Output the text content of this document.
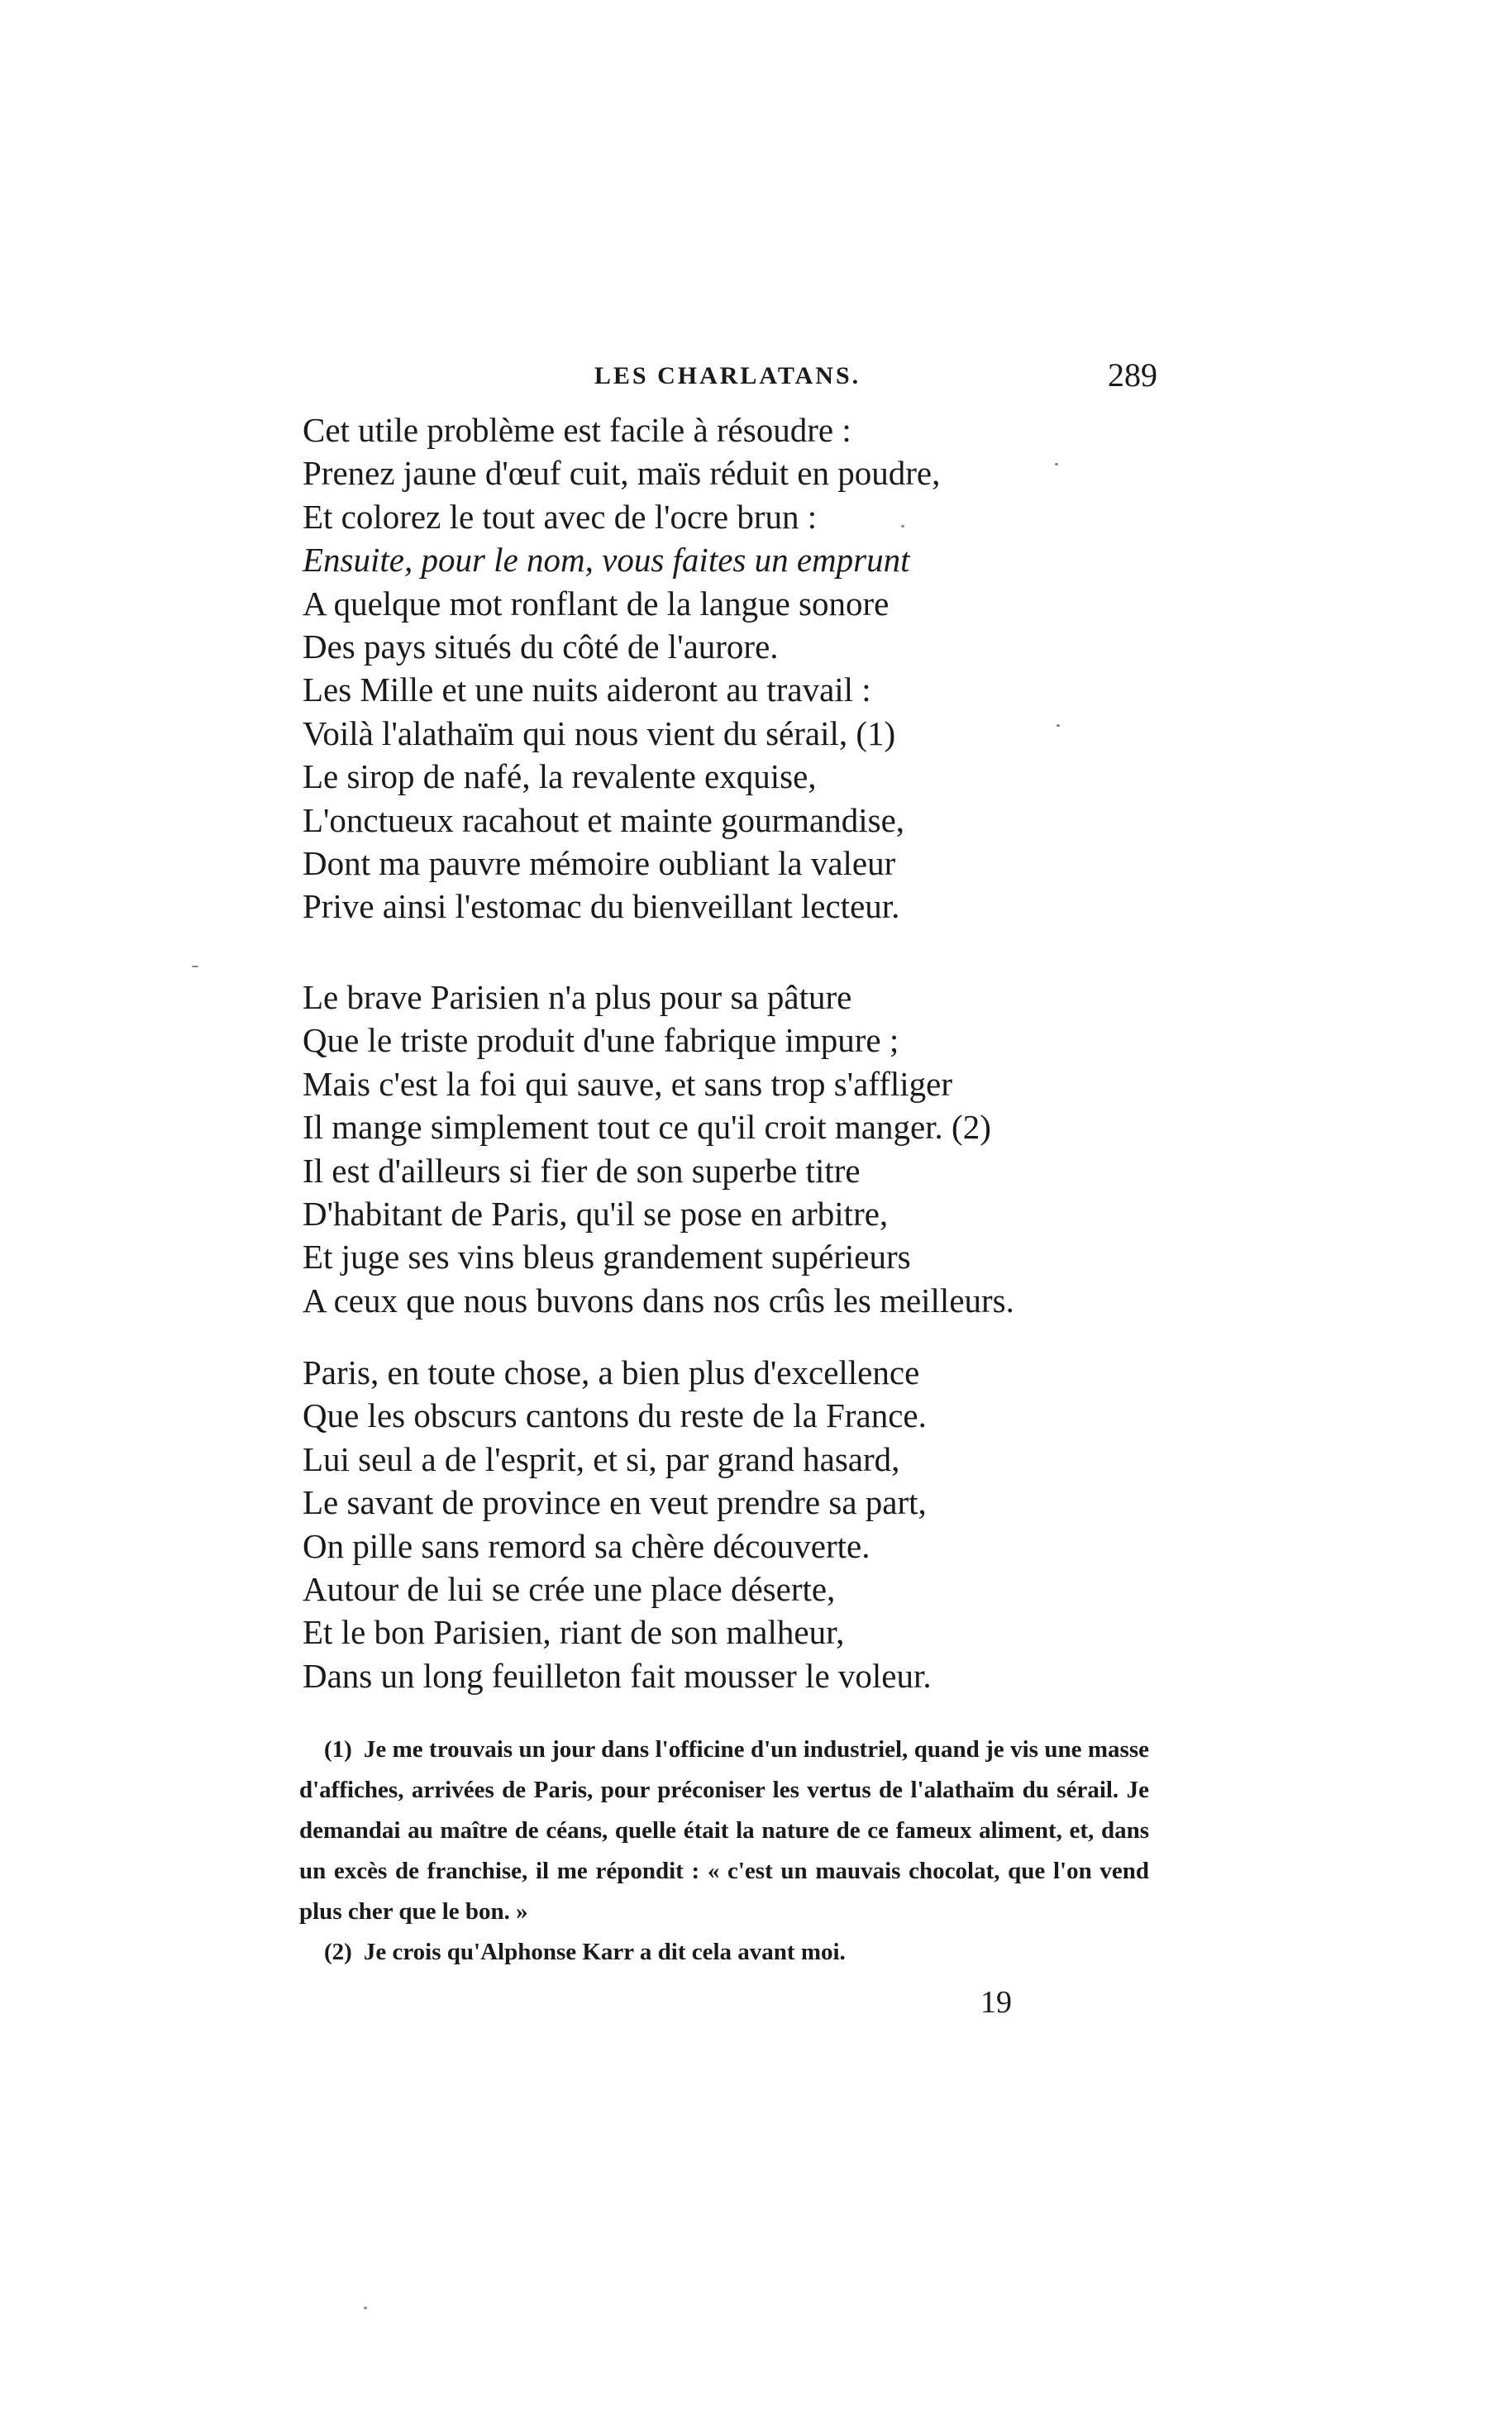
LES CHARLATANS.	289
Cet utile problème est facile à résoudre :
Prenez jaune d'œuf cuit, maïs réduit en poudre,
Et colorez le tout avec de l'ocre brun :
Ensuite, pour le nom, vous faites un emprunt
A quelque mot ronflant de la langue sonore
Des pays situés du côté de l'aurore.
Les Mille et une nuits aideront au travail :
Voilà l'alathaïm qui nous vient du sérail, (1)
Le sirop de nafé, la revalente exquise,
L'onctueux racahout et mainte gourmandise,
Dont ma pauvre mémoire oubliant la valeur
Prive ainsi l'estomac du bienveillant lecteur.
Le brave Parisien n'a plus pour sa pâture
Que le triste produit d'une fabrique impure ;
Mais c'est la foi qui sauve, et sans trop s'affliger
Il mange simplement tout ce qu'il croit manger. (2)
Il est d'ailleurs si fier de son superbe titre
D'habitant de Paris, qu'il se pose en arbitre,
Et juge ses vins bleus grandement supérieurs
A ceux que nous buvons dans nos crûs les meilleurs.
Paris, en toute chose, a bien plus d'excellence
Que les obscurs cantons du reste de la France.
Lui seul a de l'esprit, et si, par grand hasard,
Le savant de province en veut prendre sa part,
On pille sans remord sa chère découverte.
Autour de lui se crée une place déserte,
Et le bon Parisien, riant de son malheur,
Dans un long feuilleton fait mousser le voleur.

(1) Je me trouvais un jour dans l'officine d'un industriel, quand je vis une masse d'affiches, arrivées de Paris, pour préconiser les vertus de l'alathaïm du sérail. Je demandai au maître de céans, quelle était la nature de ce fameux aliment, et, dans un excès de franchise, il me répondit : « c'est un mauvais chocolat, que l'on vend plus cher que le bon. »

(2) Je crois qu'Alphonse Karr a dit cela avant moi.

19
